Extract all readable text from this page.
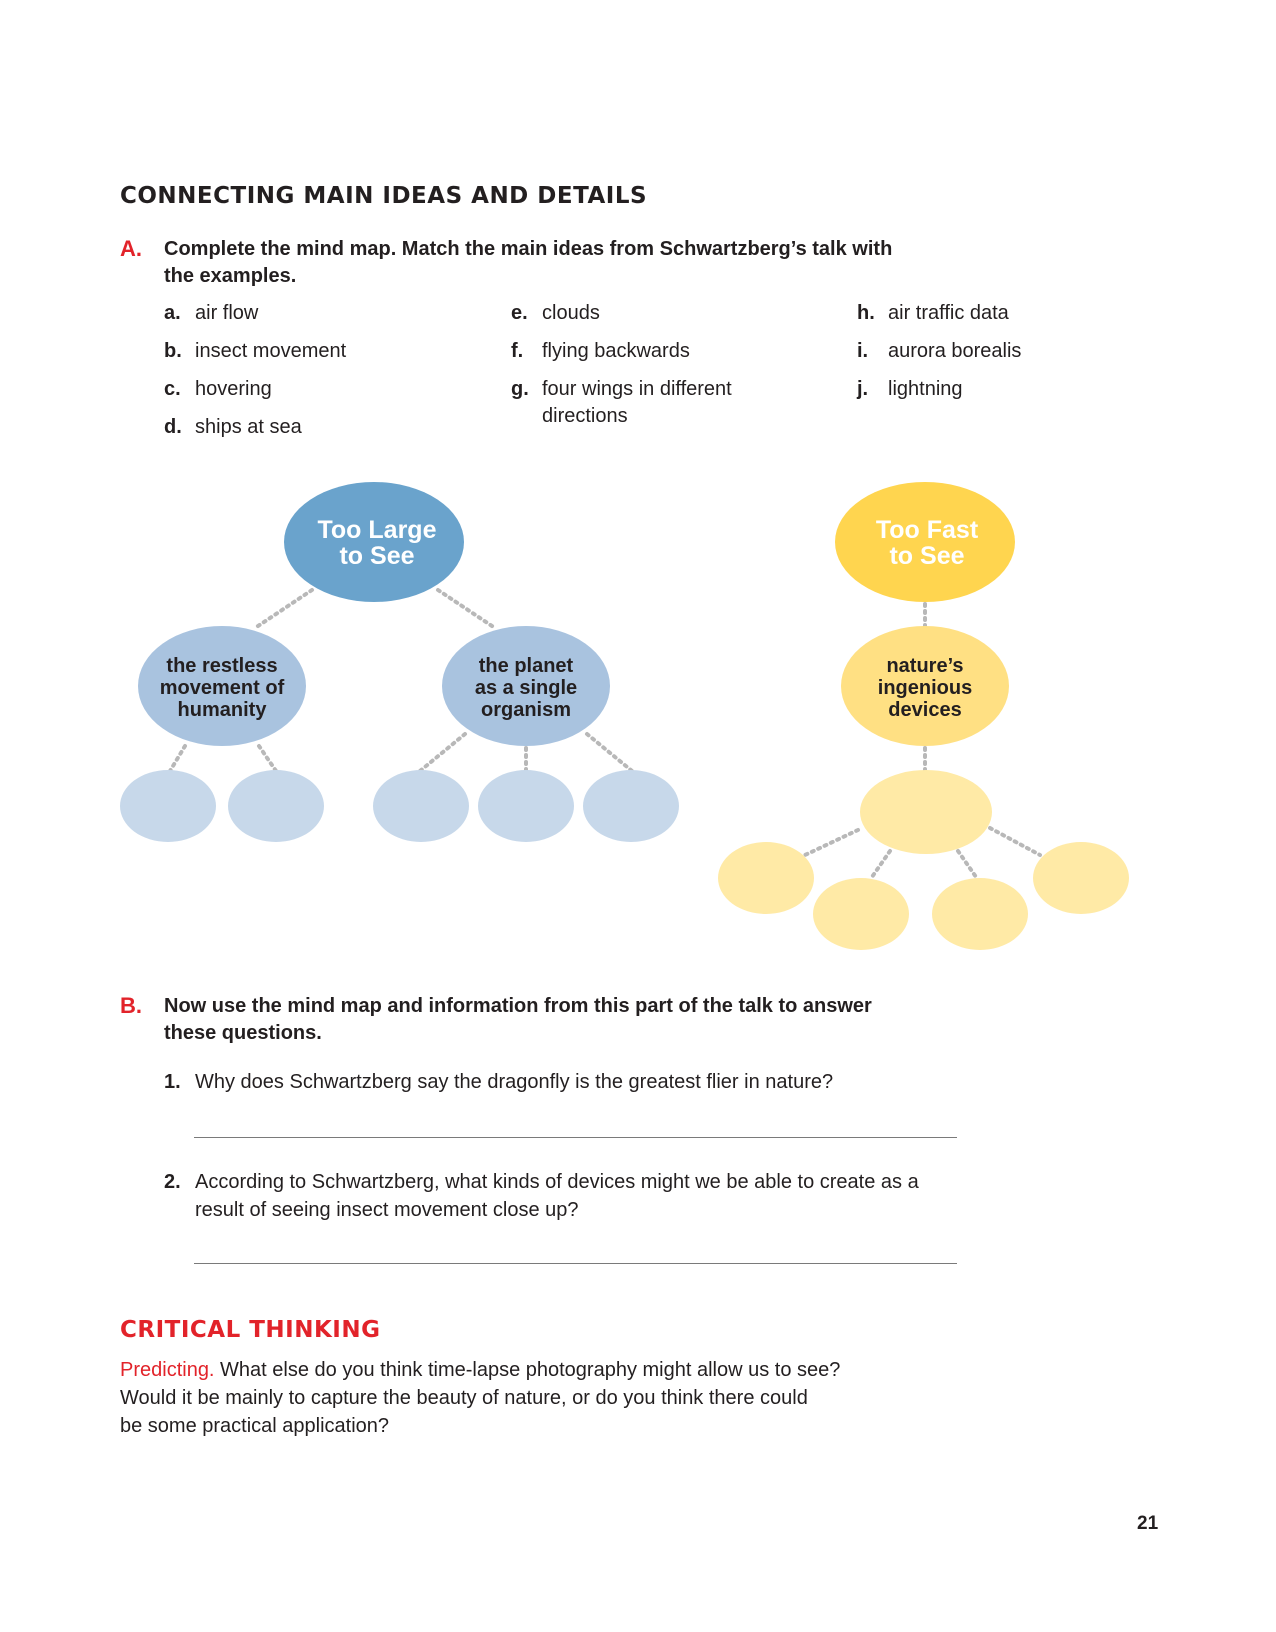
CONNECTING MAIN IDEAS AND DETAILS
A. Complete the mind map. Match the main ideas from Schwartzberg’s talk with
the examples.
a. air flow
b. insect movement
c. hovering
d. ships at sea
e. clouds
f. flying backwards
g. four wings in different
directions
h. air traffic data
i. aurora borealis
j. lightning
Too Large
to See
the restless
movement of
humanity
the planet
as a single
organism
Too Fast
to See
nature’s
ingenious
devices
B. Now use the mind map and information from this part of the talk to answer
these questions.
1. Why does Schwartzberg say the dragonfly is the greatest flier in nature?
2. According to Schwartzberg, what kinds of devices might we be able to create as a
result of seeing insect movement close up?
CRITICAL THINKING
Predicting. What else do you think time-lapse photography might allow us to see?
Would it be mainly to capture the beauty of nature, or do you think there could
be some practical application?
21
